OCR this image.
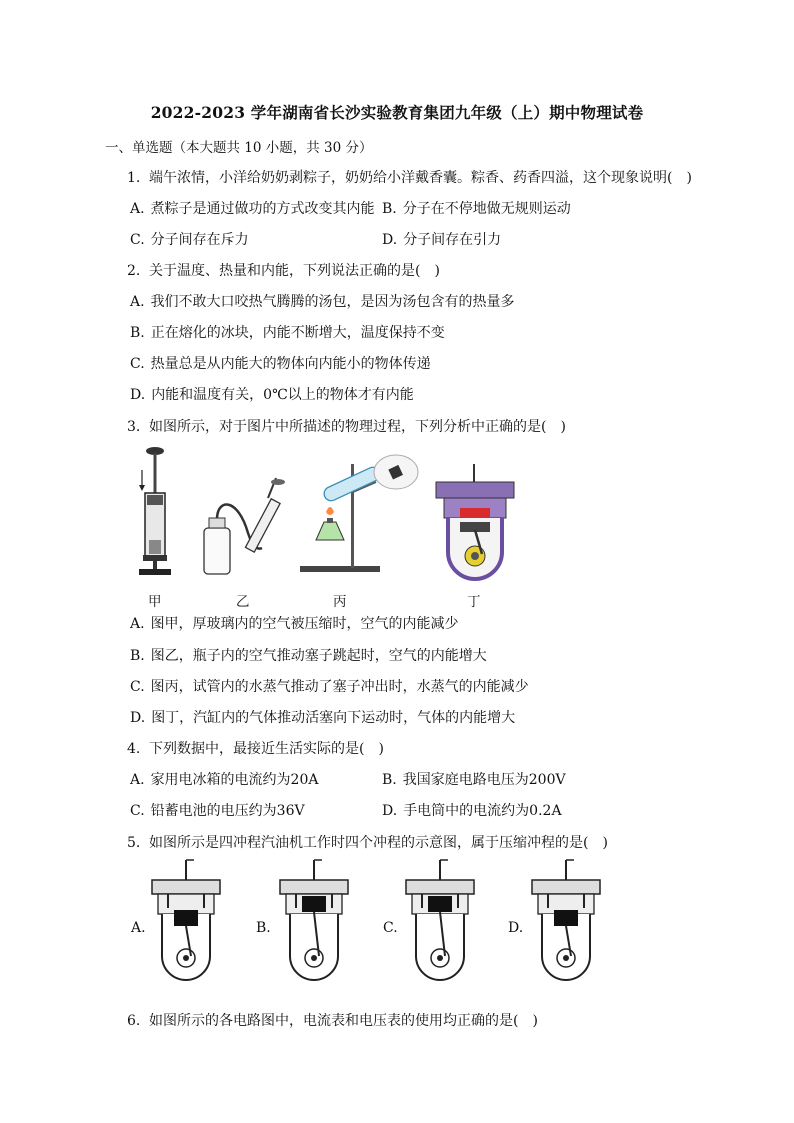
2022-2023 学年湖南省长沙实验教育集团九年级（上）期中物理试卷
一、单选题（本大题共 10 小题，共 30 分）
1. 端午浓情，小洋给奶奶剥粽子，奶奶给小洋戴香囊。粽香、药香四溢，这个现象说明(　)
A. 煮粽子是通过做功的方式改变其内能 B. 分子在不停地做无规则运动
C. 分子间存在斥力	D. 分子间存在引力
2. 关于温度、热量和内能，下列说法正确的是(　)
A. 我们不敢大口咬热气腾腾的汤包，是因为汤包含有的热量多
B. 正在熔化的冰块，内能不断增大，温度保持不变
C. 热量总是从内能大的物体向内能小的物体传递
D. 内能和温度有关，0℃以上的物体才有内能
3. 如图所示，对于图片中所描述的物理过程，下列分析中正确的是(　)
甲	乙	丙	丁
A. 图甲，厚玻璃内的空气被压缩时，空气的内能减少
B. 图乙，瓶子内的空气推动塞子跳起时，空气的内能增大
C. 图丙，试管内的水蒸气推动了塞子冲出时，水蒸气的内能减少
D. 图丁，汽缸内的气体推动活塞向下运动时，气体的内能增大
4. 下列数据中，最接近生活实际的是(　)
A. 家用电冰箱的电流约为20A	B. 我国家庭电路电压为200V
C. 铅蓄电池的电压约为36V	D. 手电筒中的电流约为0.2A
5. 如图所示是四冲程汽油机工作时四个冲程的示意图，属于压缩冲程的是(　)
A.	B.	C.	D.
6. 如图所示的各电路图中，电流表和电压表的使用均正确的是(　)
